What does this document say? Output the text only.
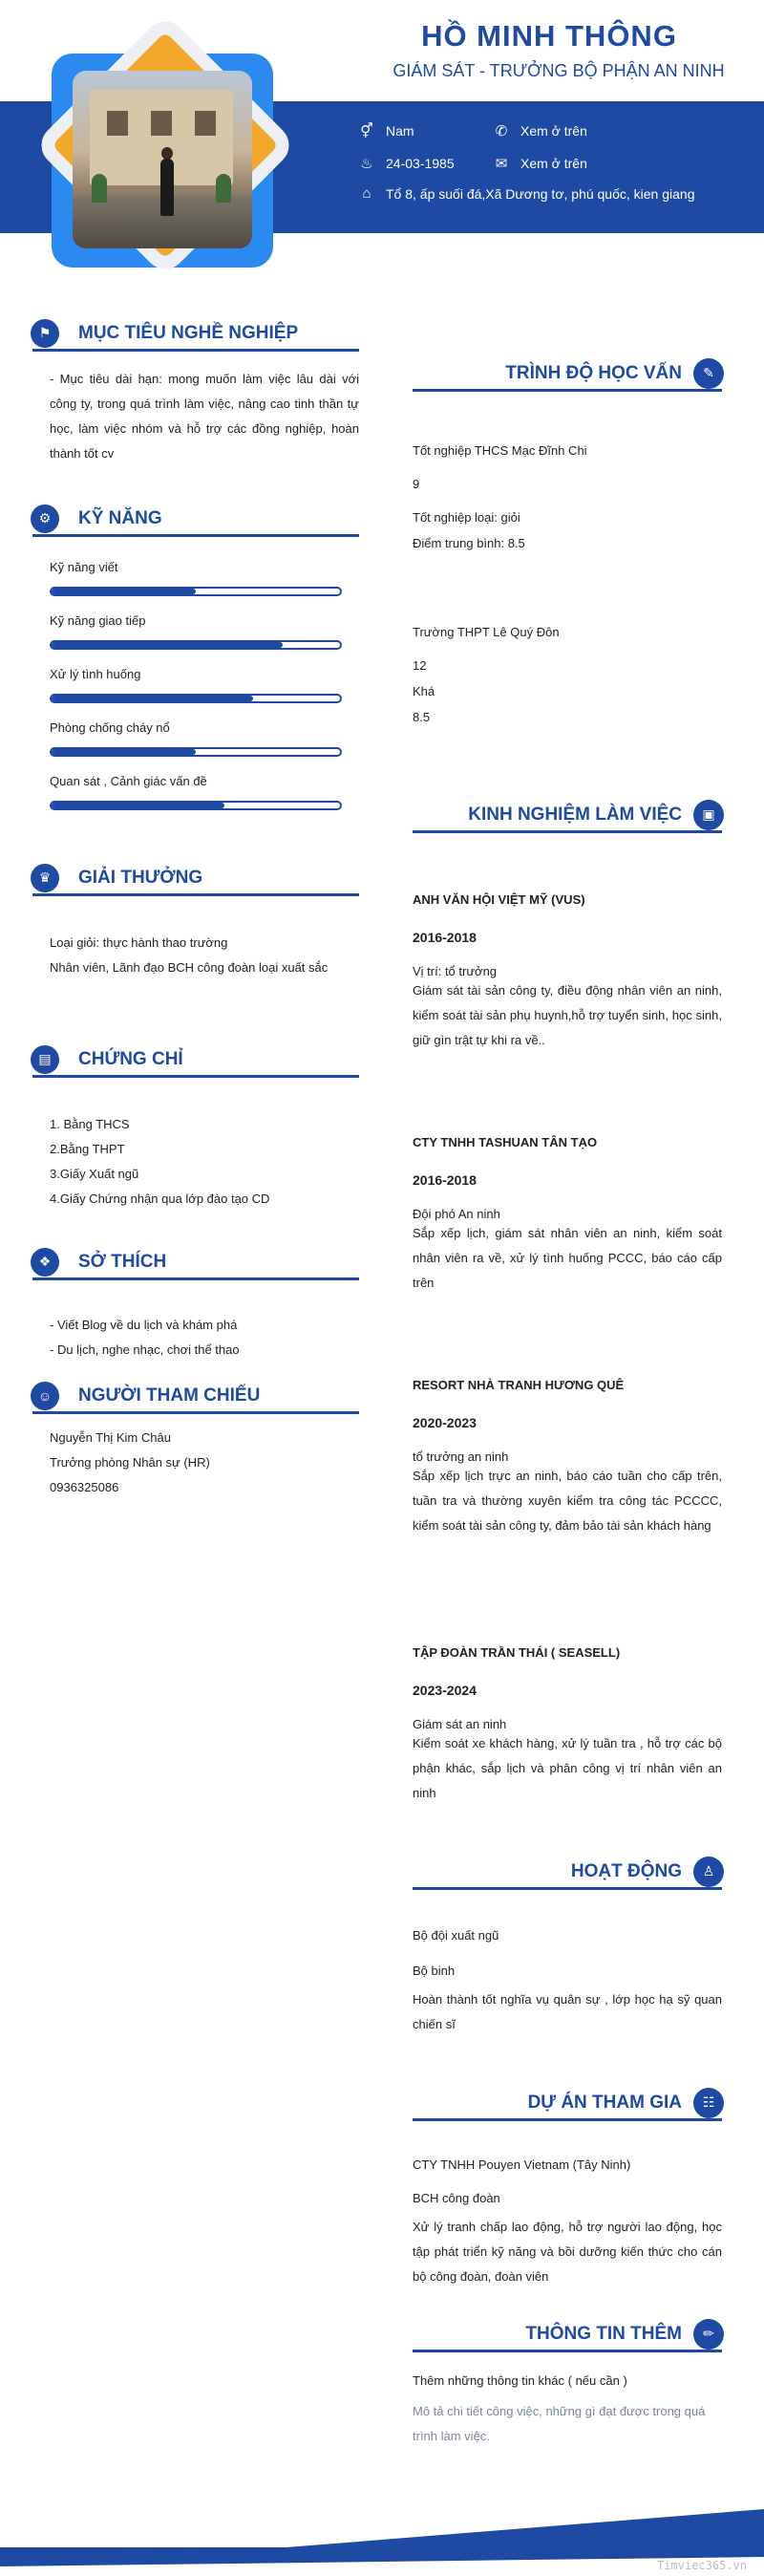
HỒ MINH THÔNG
GIÁM SÁT - TRƯỞNG BỘ PHẬN AN NINH
⚥ Nam	✆ Xem ở trên
♨ 24-03-1985	✉ Xem ở trên
⌂	Tổ 8, ấp suối đá,Xã Dương tơ, phú quốc, kien giang
⚑	MỤC TIÊU NGHỀ NGHIỆP
- Mục tiêu dài hạn: mong muốn làm việc lâu dài với công ty, trong quá trình làm việc, nâng cao tinh thần tự học, làm việc nhóm và hỗ trợ các đồng nghiệp, hoàn thành tốt cv
⚙	KỸ NĂNG
Kỹ năng viết
Kỹ năng giao tiếp
Xử lý tình huống
Phòng chống cháy nổ
Quan sát , Cảnh giác vấn đề
♛	GIẢI THƯỞNG
Loại giỏi: thực hành thao trường
Nhân viên, Lãnh đạo BCH công đoàn loại xuất sắc
▤	CHỨNG CHỈ
1. Bằng THCS
2.Bằng THPT
3.Giấy Xuất ngũ
4.Giấy Chứng nhận qua lớp đào tạo CD
❖	SỞ THÍCH
- Viết Blog về du lịch và khám phá
- Du lịch, nghe nhạc, chơi thể thao
☺	NGƯỜI THAM CHIẾU
Nguyễn Thị Kim Châu
Trưởng phòng Nhân sự (HR)
0936325086
TRÌNH ĐỘ HỌC VẤN	✎
Tốt nghiệp THCS Mạc Đĩnh Chi
9
Tốt nghiệp loại: giỏi
Điểm trung bình: 8.5
Trường THPT Lê Quý Đôn
12
Khá
8.5
KINH NGHIỆM LÀM VIỆC	▣
ANH VĂN HỘI VIỆT MỸ (VUS)
2016-2018
Vị trí: tổ trưởng
Giám sát tài sản công ty, điều động nhân viên an ninh, kiểm soát tài sản phụ huynh,hỗ trợ tuyển sinh, học sinh, giữ gìn trật tự khi ra về..
CTY TNHH TASHUAN TÂN TẠO
2016-2018
Đội phó An ninh
Sắp xếp lịch, giám sát nhân viên an ninh, kiểm soát nhân viên ra về, xử lý tình huống PCCC, báo cáo cấp trên
RESORT NHÀ TRANH HƯƠNG QUÊ
2020-2023
tổ trưởng an ninh
Sắp xếp lịch trực an ninh, báo cáo tuần cho cấp trên, tuần tra và thường xuyên kiểm tra công tác PCCCC, kiểm soát tài sản công ty, đảm bảo tài sản khách hàng
TẬP ĐOÀN TRẦN THÁI ( SEASELL)
2023-2024
Giám sát an ninh
Kiểm soát xe khách hàng, xử lý tuần tra , hỗ trợ các bộ phận khác, sắp lịch và phân công vị trí nhân viên an ninh
HOẠT ĐỘNG	♙
Bộ đội xuất ngũ
Bộ binh
Hoàn thành tốt nghĩa vụ quân sự , lớp học hạ sỹ quan chiến sĩ
DỰ ÁN THAM GIA	☷
CTY TNHH Pouyen Vietnam (Tây Ninh)
BCH công đoàn
Xử lý tranh chấp lao động, hỗ trợ người lao động, học tập phát triển kỹ năng và bồi dưỡng kiến thức cho cán bộ công đoàn, đoàn viên
THÔNG TIN THÊM	✏
Thêm những thông tin khác ( nếu cần )
Mô tả chi tiết công việc, những gì đạt được trong quá trình làm việc.
Timviec365.vn
